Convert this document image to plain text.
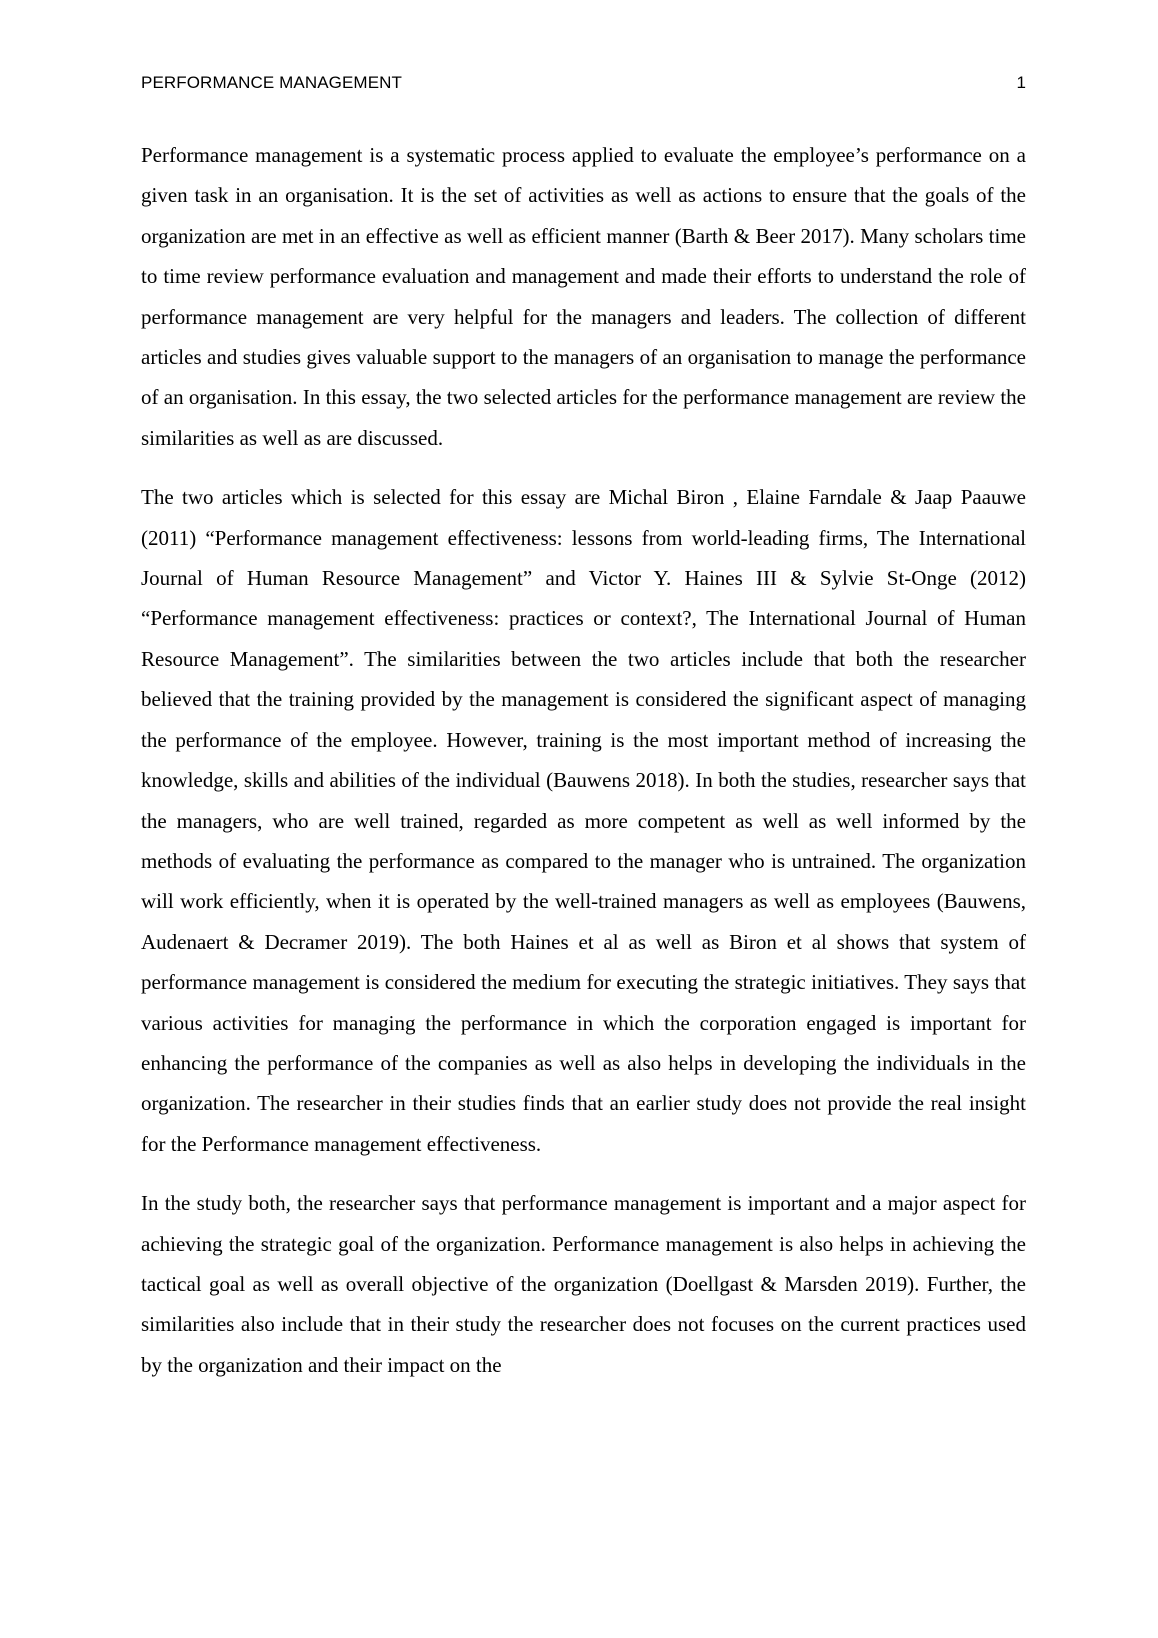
PERFORMANCE MANAGEMENT	1

Performance management is a systematic process applied to evaluate the employee’s performance on a given task in an organisation. It is the set of activities as well as actions to ensure that the goals of the organization are met in an effective as well as efficient manner (Barth & Beer 2017). Many scholars time to time review performance evaluation and management and made their efforts to understand the role of performance management are very helpful for the managers and leaders. The collection of different articles and studies gives valuable support to the managers of an organisation to manage the performance of an organisation. In this essay, the two selected articles for the performance management are review the similarities as well as are discussed.

The two articles which is selected for this essay are Michal Biron , Elaine Farndale & Jaap Paauwe (2011) “Performance management effectiveness: lessons from world-leading firms, The International Journal of Human Resource Management” and Victor Y. Haines III & Sylvie St-Onge (2012) “Performance management effectiveness: practices or context?, The International Journal of Human Resource Management”. The similarities between the two articles include that both the researcher believed that the training provided by the management is considered the significant aspect of managing the performance of the employee. However, training is the most important method of increasing the knowledge, skills and abilities of the individual (Bauwens 2018). In both the studies, researcher says that the managers, who are well trained, regarded as more competent as well as well informed by the methods of evaluating the performance as compared to the manager who is untrained. The organization will work efficiently, when it is operated by the well-trained managers as well as employees (Bauwens, Audenaert & Decramer 2019). The both Haines et al as well as Biron et al shows that system of performance management is considered the medium for executing the strategic initiatives. They says that various activities for managing the performance in which the corporation engaged is important for enhancing the performance of the companies as well as also helps in developing the individuals in the organization. The researcher in their studies finds that an earlier study does not provide the real insight for the Performance management effectiveness.

In the study both, the researcher says that performance management is important and a major aspect for achieving the strategic goal of the organization. Performance management is also helps in achieving the tactical goal as well as overall objective of the organization (Doellgast & Marsden 2019). Further, the similarities also include that in their study the researcher does not focuses on the current practices used by the organization and their impact on the
